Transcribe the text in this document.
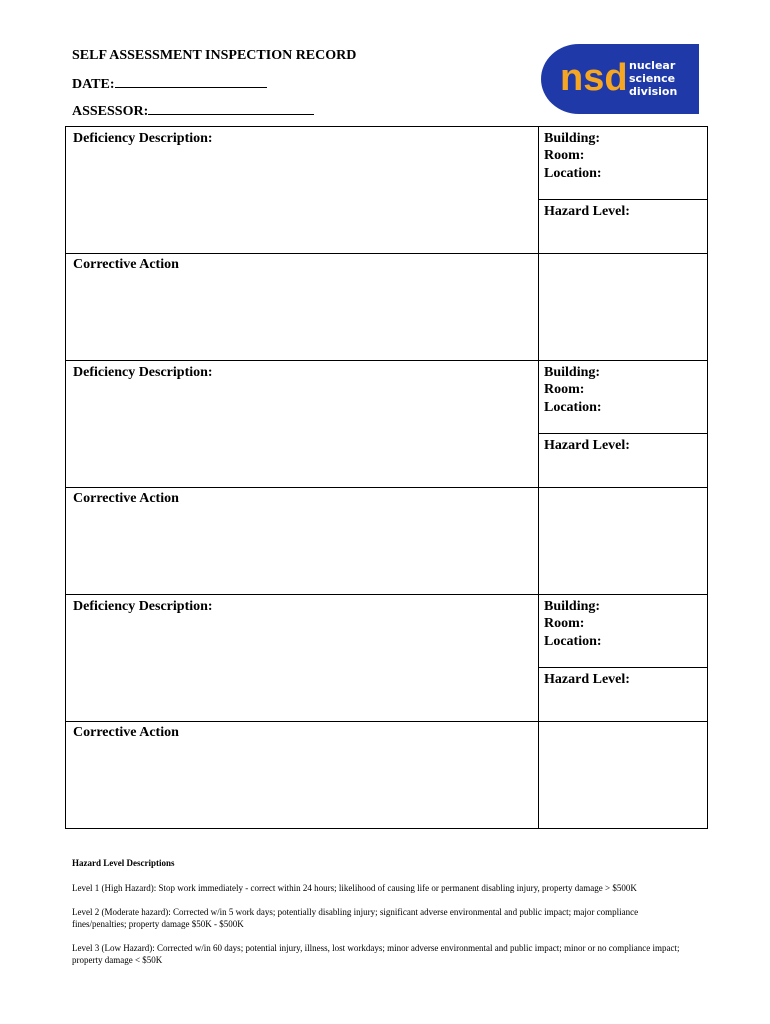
SELF ASSESSMENT INSPECTION RECORD
DATE:
ASSESSOR:
nsd nuclear
science
division
Deficiency Description:	Building:
Room:
Location:
Hazard Level:
Corrective Action
Deficiency Description:	Building:
Room:
Location:
Hazard Level:
Corrective Action
Deficiency Description:	Building:
Room:
Location:
Hazard Level:
Corrective Action

Hazard Level Descriptions

Level 1 (High Hazard): Stop work immediately - correct within 24 hours; likelihood of causing life or permanent disabling injury, property damage > $500K

Level 2 (Moderate hazard): Corrected w/in 5 work days; potentially disabling injury; significant adverse environmental and public impact; major compliance fines/penalties; property damage $50K - $500K

Level 3 (Low Hazard): Corrected w/in 60 days; potential injury, illness, lost workdays; minor adverse environmental and public impact; minor or no compliance impact; property damage < $50K
